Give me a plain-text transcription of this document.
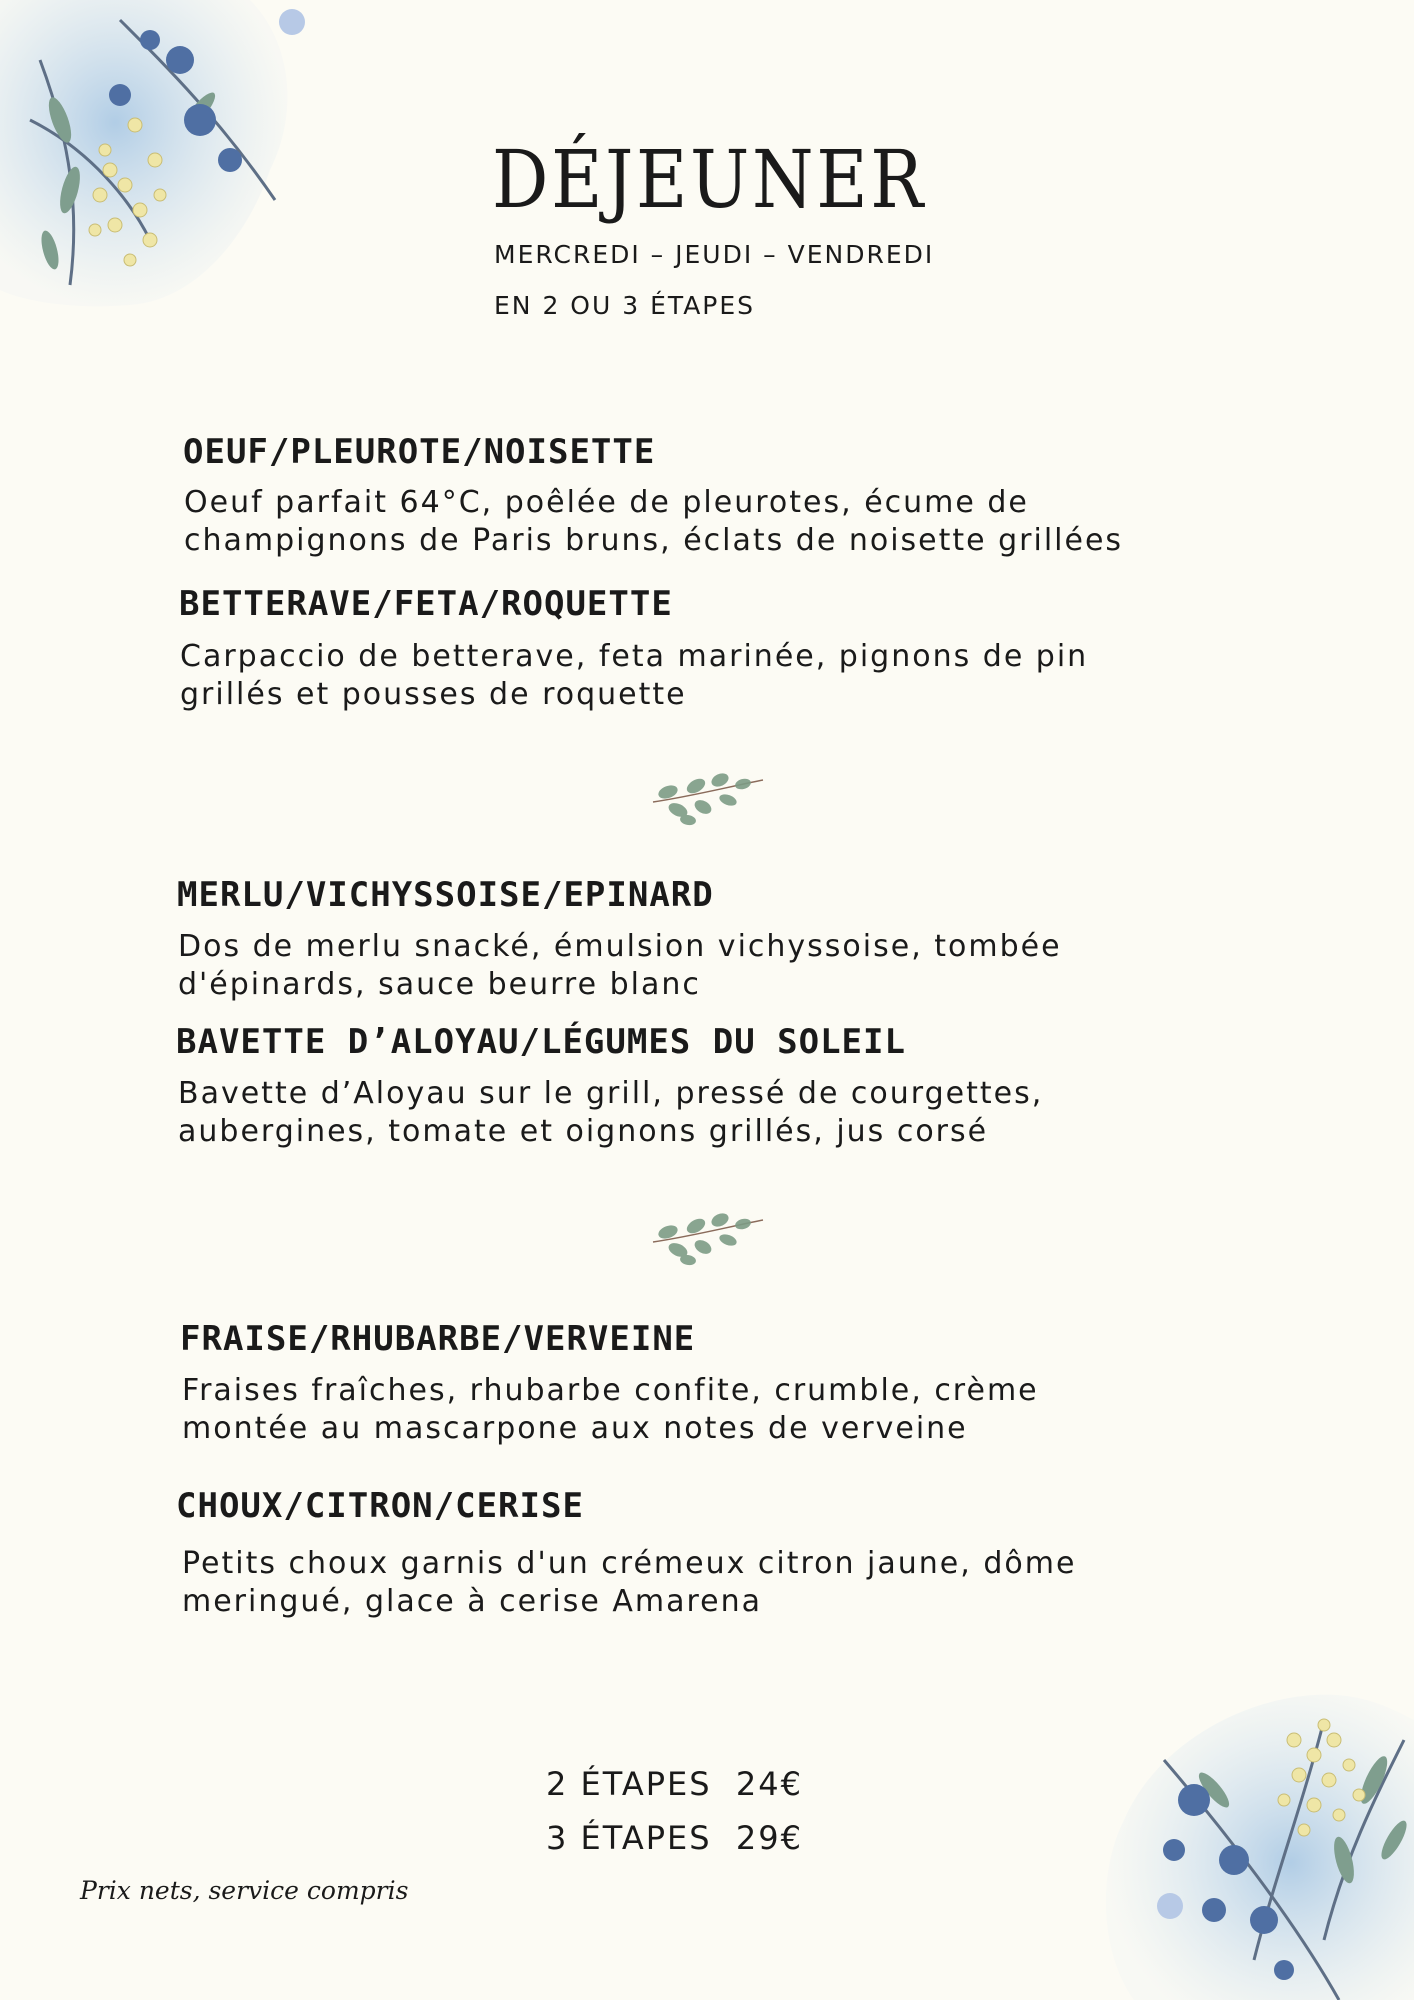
DÉJEUNER
MERCREDI – JEUDI – VENDREDI
EN 2 OU 3 ÉTAPES
OEUF/PLEUROTE/NOISETTE
Oeuf parfait 64°C, poêlée de pleurotes, écume de
champignons de Paris bruns, éclats de noisette grillées
BETTERAVE/FETA/ROQUETTE
Carpaccio de betterave, feta marinée, pignons de pin
grillés et pousses de roquette
MERLU/VICHYSSOISE/EPINARD
Dos de merlu snacké, émulsion vichyssoise, tombée
d'épinards, sauce beurre blanc
BAVETTE D’ALOYAU/LÉGUMES DU SOLEIL
Bavette d’Aloyau sur le grill, pressé de courgettes,
aubergines, tomate et oignons grillés, jus corsé
FRAISE/RHUBARBE/VERVEINE
Fraises fraîches, rhubarbe confite, crumble, crème
montée au mascarpone aux notes de verveine
CHOUX/CITRON/CERISE
Petits choux garnis d'un crémeux citron jaune, dôme
meringué, glace à cerise Amarena
2 ÉTAPES 24€
3 ÉTAPES 29€
Prix nets, service compris
